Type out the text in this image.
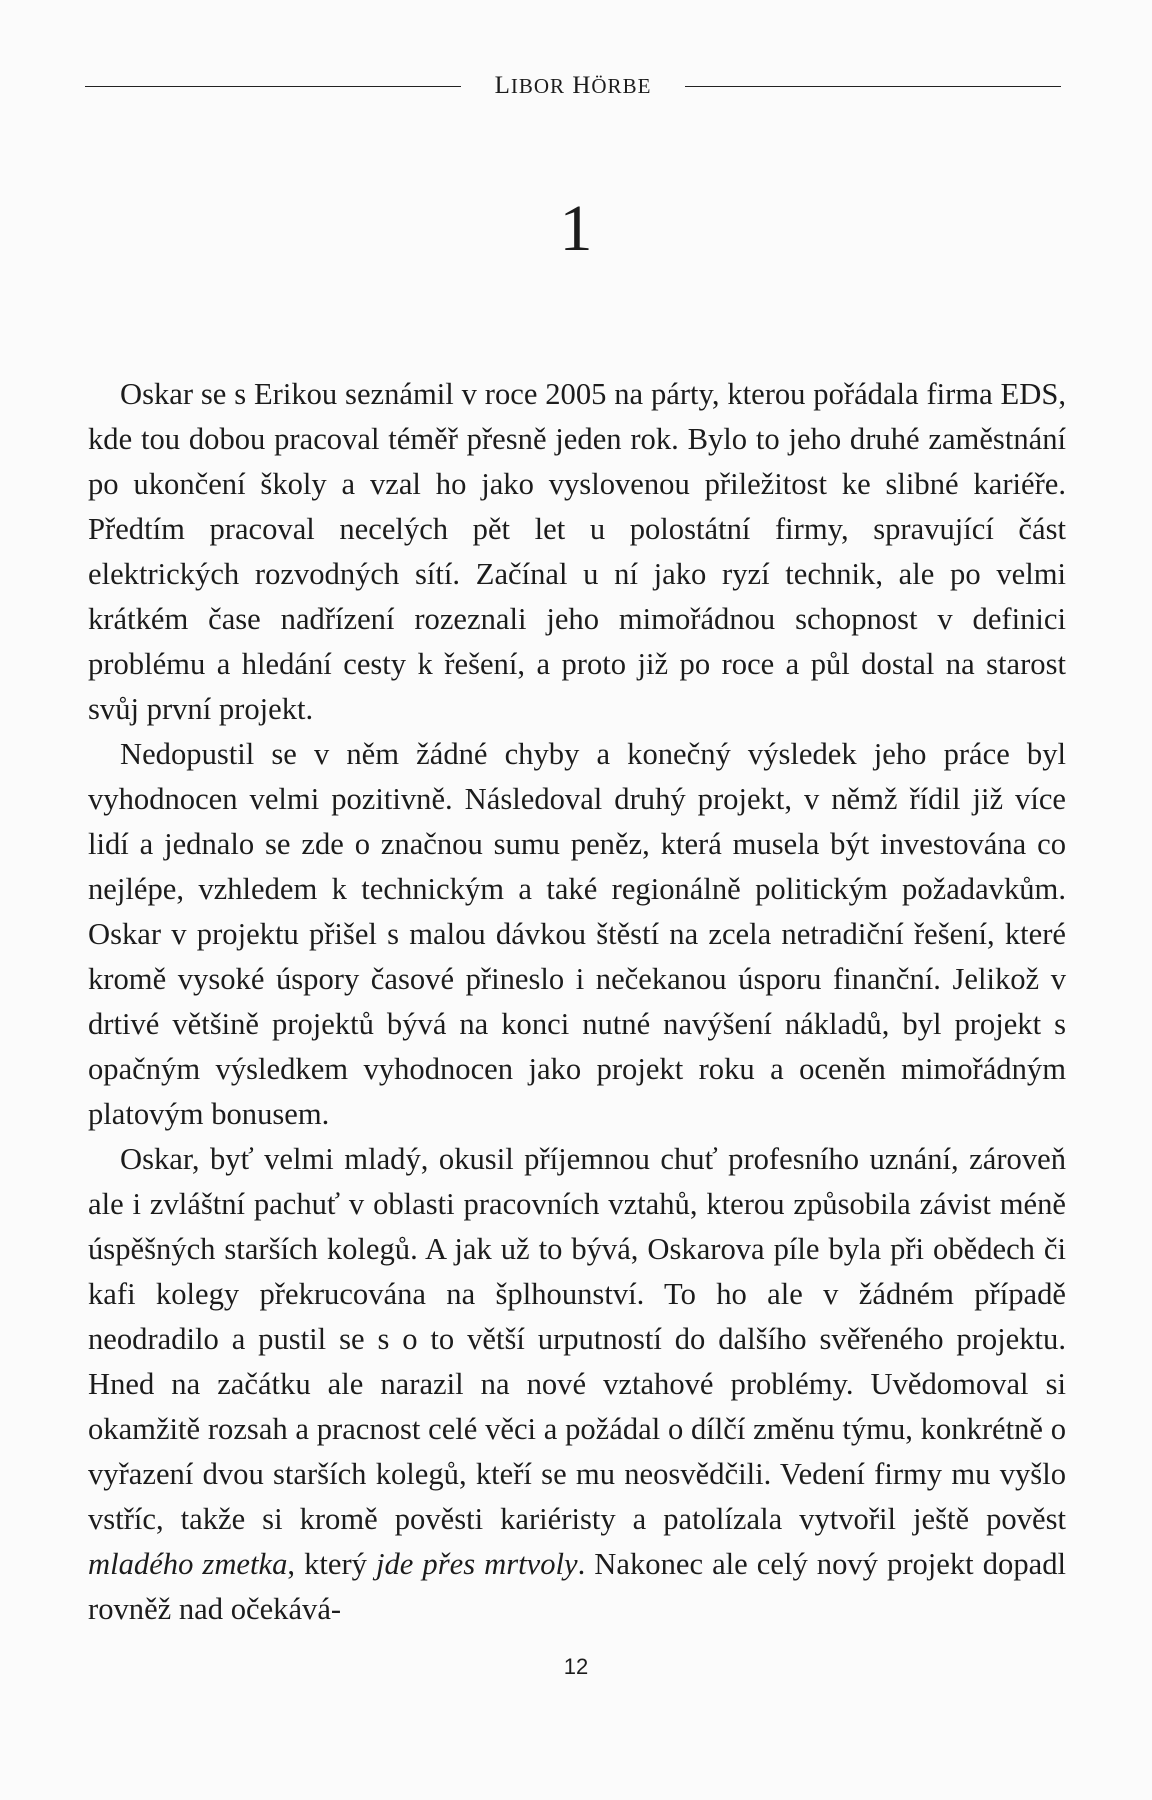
LIBOR HÖRBE
1

Oskar se s Erikou seznámil v roce 2005 na párty, kterou pořádala firma EDS, kde tou dobou pracoval téměř přesně jeden rok. Bylo to jeho druhé zaměstnání po ukončení školy a vzal ho jako vyslovenou přiležitost ke slibné kariéře. Předtím pracoval necelých pět let u polostátní firmy, spravující část elektrických rozvodných sítí. Začínal u ní jako ryzí technik, ale po velmi krátkém čase nadřízení rozeznali jeho mimořádnou schopnost v definici problému a hledání cesty k řešení, a proto již po roce a půl dostal na starost svůj první projekt.

Nedopustil se v něm žádné chyby a konečný výsledek jeho práce byl vyhodnocen velmi pozitivně. Následoval druhý projekt, v němž řídil již více lidí a jednalo se zde o značnou sumu peněz, která musela být investována co nejlépe, vzhledem k technickým a také regionálně politickým požadavkům. Oskar v projektu přišel s malou dávkou štěstí na zcela netradiční řešení, které kromě vysoké úspory časové přineslo i nečekanou úsporu finanční. Jelikož v drtivé většině projektů bývá na konci nutné navýšení nákladů, byl projekt s opačným výsledkem vyhodnocen jako projekt roku a oceněn mimořádným platovým bonusem.

Oskar, byť velmi mladý, okusil příjemnou chuť profesního uznání, zároveň ale i zvláštní pachuť v oblasti pracovních vztahů, kterou způsobila závist méně úspěšných starších kolegů. A jak už to bývá, Oskarova píle byla při obědech či kafi kolegy překrucována na šplhounství. To ho ale v žádném případě neodradilo a pustil se s o to větší urputností do dalšího svěřeného projektu. Hned na začátku ale narazil na nové vztahové problémy. Uvědomoval si okamžitě rozsah a pracnost celé věci a požádal o dílčí změnu týmu, konkrétně o vyřazení dvou starších kolegů, kteří se mu neosvědčili. Vedení firmy mu vyšlo vstříc, takže si kromě pověsti kariéristy a patolízala vytvořil ještě pověst mladého zmetka, který jde přes mrtvoly. Nakonec ale celý nový projekt dopadl rovněž nad očekává-

12
